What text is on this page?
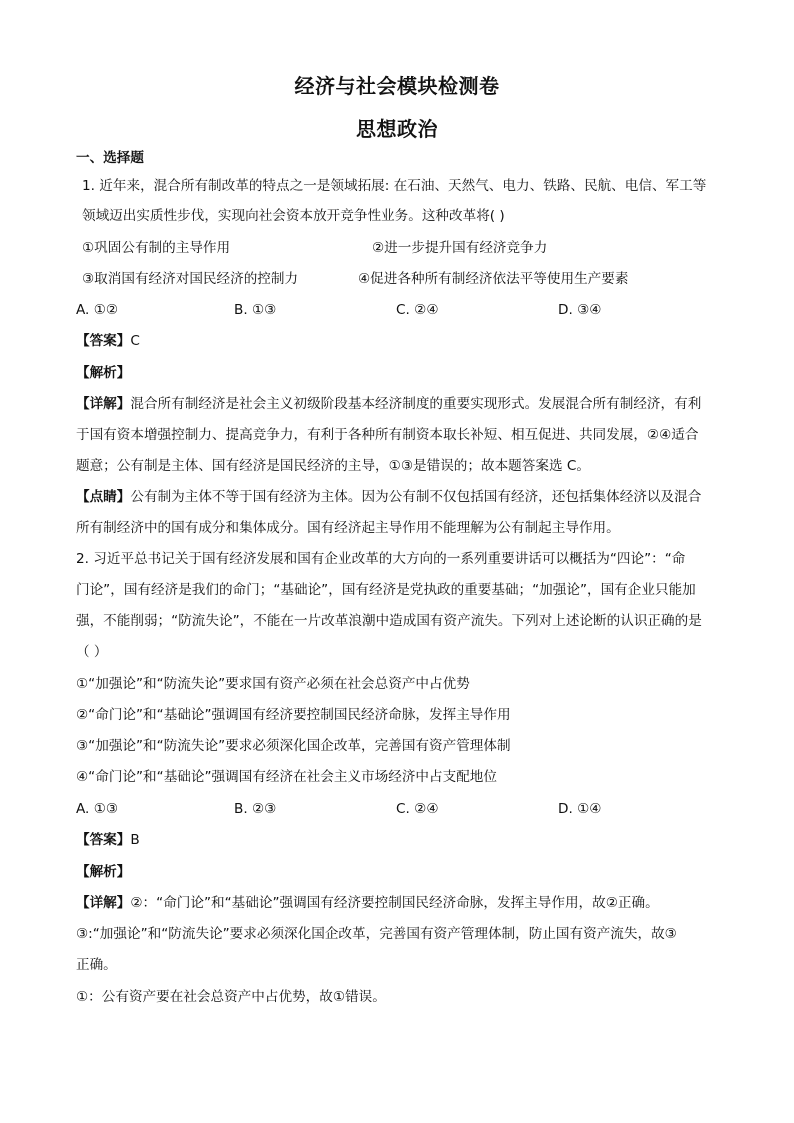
经济与社会模块检测卷
思想政治
一、选择题
1. 近年来，混合所有制改革的特点之一是领域拓展: 在石油、天然气、电力、铁路、民航、电信、军工等
领域迈出实质性步伐，实现向社会资本放开竞争性业务。这种改革将( )
①巩固公有制的主导作用	②进一步提升国有经济竞争力
③取消国有经济对国民经济的控制力	④促进各种所有制经济依法平等使用生产要素
A. ①②	B. ①③	C. ②④	D. ③④
【答案】C
【解析】
【详解】混合所有制经济是社会主义初级阶段基本经济制度的重要实现形式。发展混合所有制经济，有利
于国有资本增强控制力、提高竞争力，有利于各种所有制资本取长补短、相互促进、共同发展，②④适合
题意；公有制是主体、国有经济是国民经济的主导，①③是错误的；故本题答案选 C。
【点睛】公有制为主体不等于国有经济为主体。因为公有制不仅包括国有经济，还包括集体经济以及混合
所有制经济中的国有成分和集体成分。国有经济起主导作用不能理解为公有制起主导作用。
2. 习近平总书记关于国有经济发展和国有企业改革的大方向的一系列重要讲话可以概括为“四论”：“命
门论”，国有经济是我们的命门；“基础论”，国有经济是党执政的重要基础；“加强论”，国有企业只能加
强，不能削弱；“防流失论”，不能在一片改革浪潮中造成国有资产流失。下列对上述论断的认识正确的是
（ ）
①“加强论”和“防流失论”要求国有资产必须在社会总资产中占优势
②“命门论”和“基础论”强调国有经济要控制国民经济命脉，发挥主导作用
③“加强论”和“防流失论”要求必须深化国企改革，完善国有资产管理体制
④“命门论”和“基础论”强调国有经济在社会主义市场经济中占支配地位
A. ①③	B. ②③	C. ②④	D. ①④
【答案】B
【解析】
【详解】②：“命门论”和“基础论”强调国有经济要控制国民经济命脉，发挥主导作用，故②正确。
③:“加强论”和“防流失论”要求必须深化国企改革，完善国有资产管理体制，防止国有资产流失，故③
正确。
①：公有资产要在社会总资产中占优势，故①错误。
